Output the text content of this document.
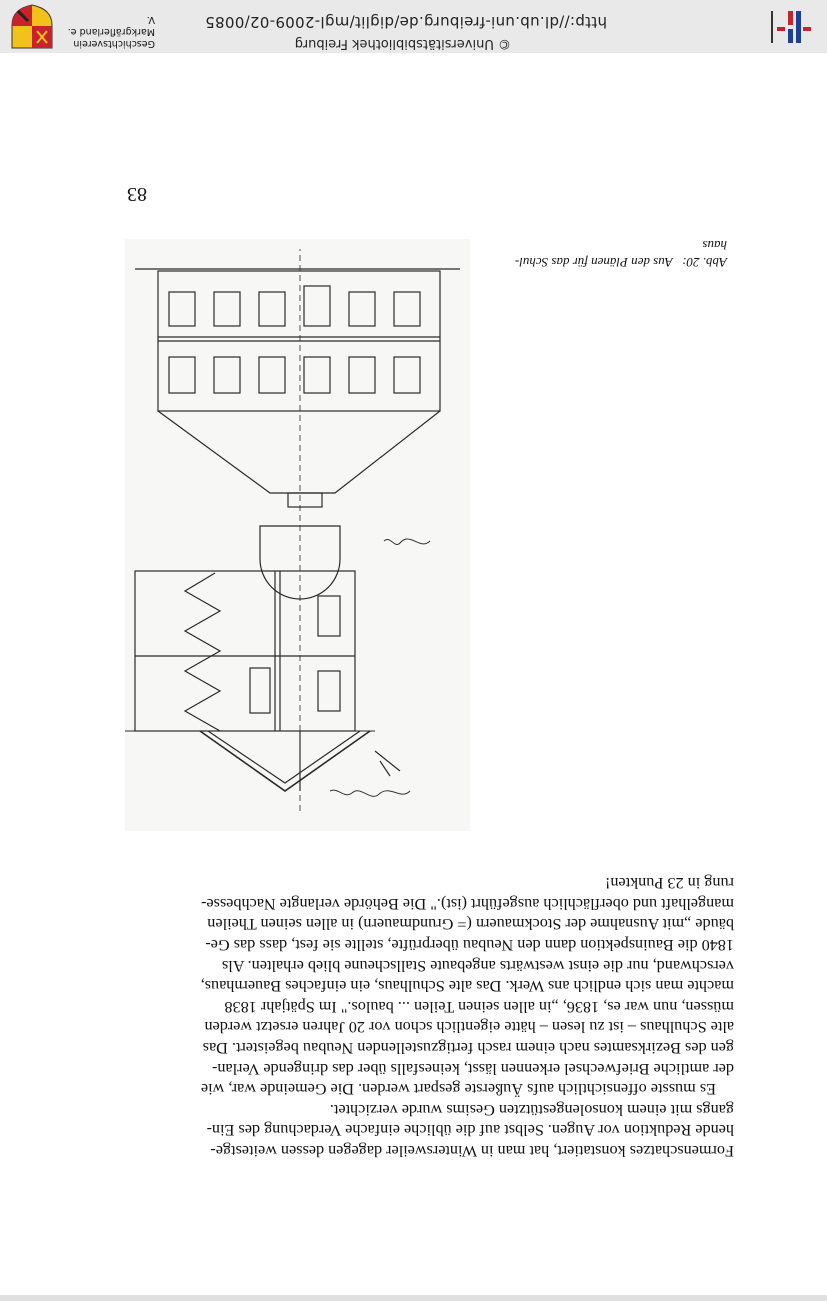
© Universitätsbibliothek Freiburg
http://dl.ub.uni-freiburg.de/diglit/mgl-2009-02/0085
Geschichtsverein
Markgräflerland e. V.
Formenschatzes konstatiert, hat man in Wintersweiler dagegen dessen weitestge-
hende Reduktion vor Augen. Selbst auf die übliche einfache Verdachung des Ein-
gangs mit einem konsolengestützten Gesims wurde verzichtet.
Es musste offensichtlich aufs Äußerste gespart werden. Die Gemeinde war, wie
der amtliche Briefwechsel erkennen lässt, keinesfalls über das dringende Verlan-
gen des Bezirksamtes nach einem rasch fertigzustellenden Neubau begeistert. Das
alte Schulhaus – ist zu lesen – hätte eigentlich schon vor 20 Jahren ersetzt werden
müssen, nun war es, 1836, „in allen seinen Teilen ... baulos." Im Spätjahr 1838
machte man sich endlich ans Werk. Das alte Schulhaus, ein einfaches Bauernhaus,
verschwand, nur die einst westwärts angebaute Stallscheune blieb erhalten. Als
1840 die Bauinspektion dann den Neubau überprüfte, stellte sie fest, dass das Ge-
bäude „mit Ausnahme der Stockmauern (= Grundmauern) in allen seinen Theilen
mangelhaft und oberflächlich ausgeführt (ist)." Die Behörde verlangte Nachbesse-
rung in 23 Punkten!
Abb. 20:   Aus den Plänen für das Schul-
haus
83
